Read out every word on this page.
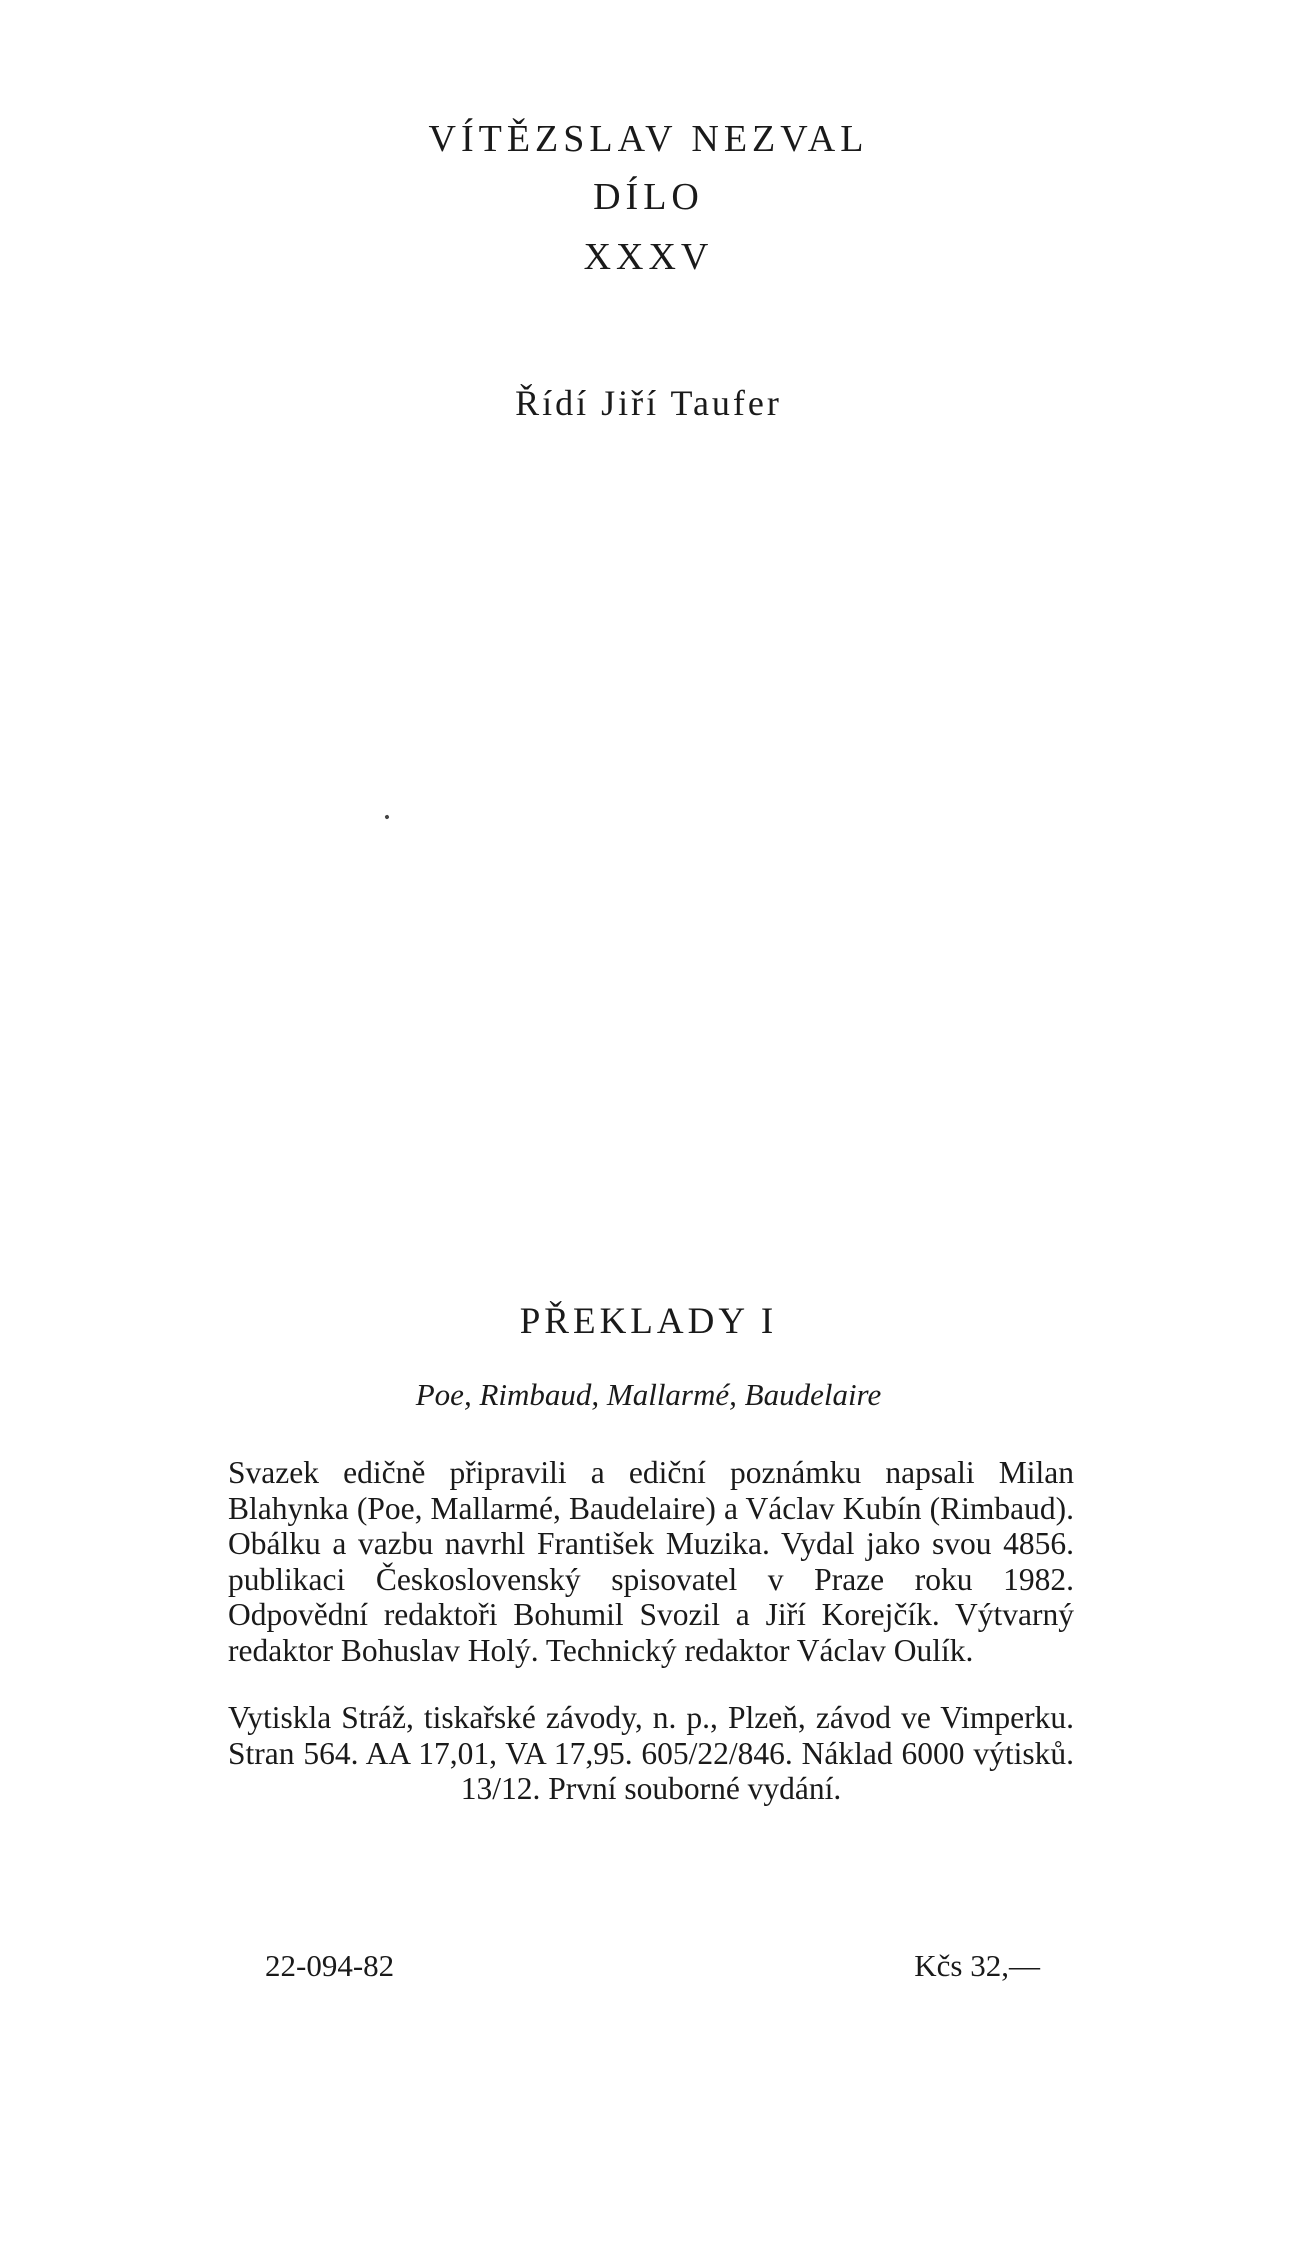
VÍTĚZSLAV NEZVAL
DÍLO
XXXV
Řídí Jiří Taufer
PŘEKLADY I
Poe, Rimbaud, Mallarmé, Baudelaire

Svazek edičně připravili a ediční poznámku napsali Milan Blahynka (Poe, Mallarmé, Baudelaire) a Václav Kubín (Rimbaud). Obálku a vazbu navrhl František Muzika. Vydal jako svou 4856. publikaci Československý spisovatel v Praze roku 1982. Odpovědní redaktoři Bohumil Svozil a Jiří Korejčík. Výtvarný redaktor Bohuslav Holý. Technický redaktor Václav Oulík.

Vytiskla Stráž, tiskařské závody, n. p., Plzeň, závod ve Vimperku. Stran 564. AA 17,01, VA 17,95. 605/22/846. Náklad 6000 výtisků. 13/12. První souborné vydání.

22-094-82	Kčs 32,—
